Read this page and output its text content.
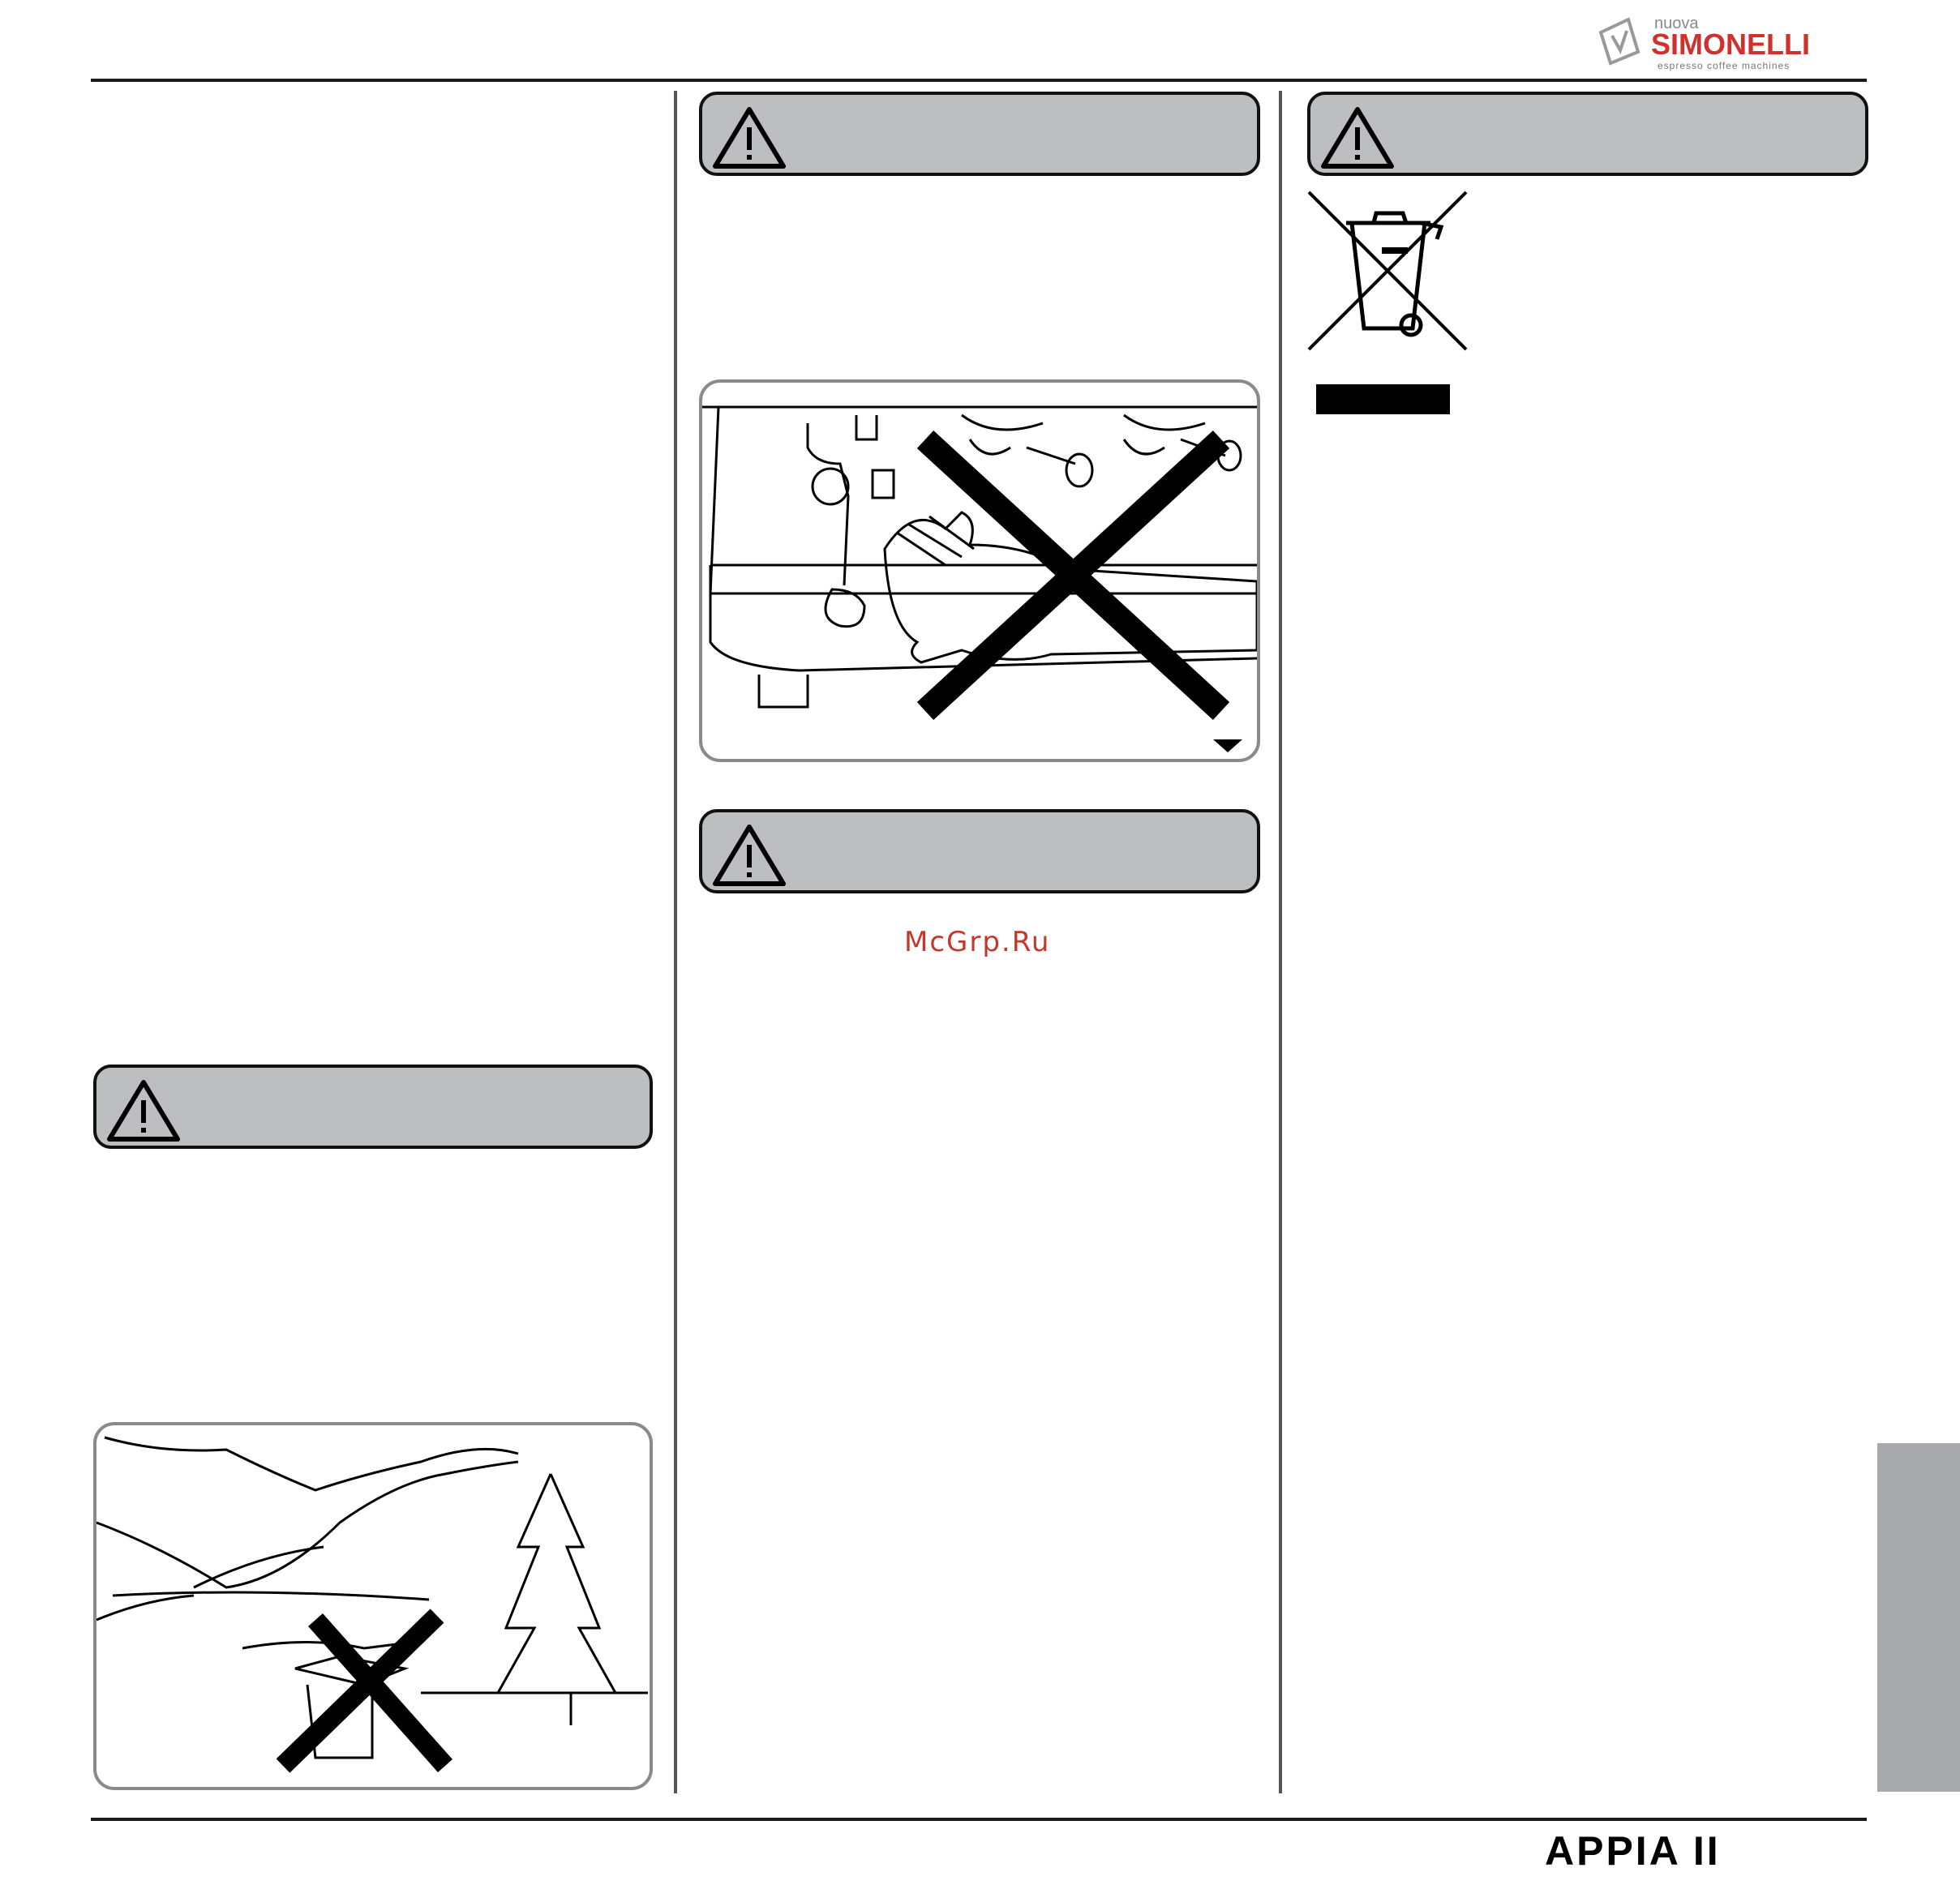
nuova
SIMONELLI
espresso coffee machines
McGrp.Ru
APPIA II
